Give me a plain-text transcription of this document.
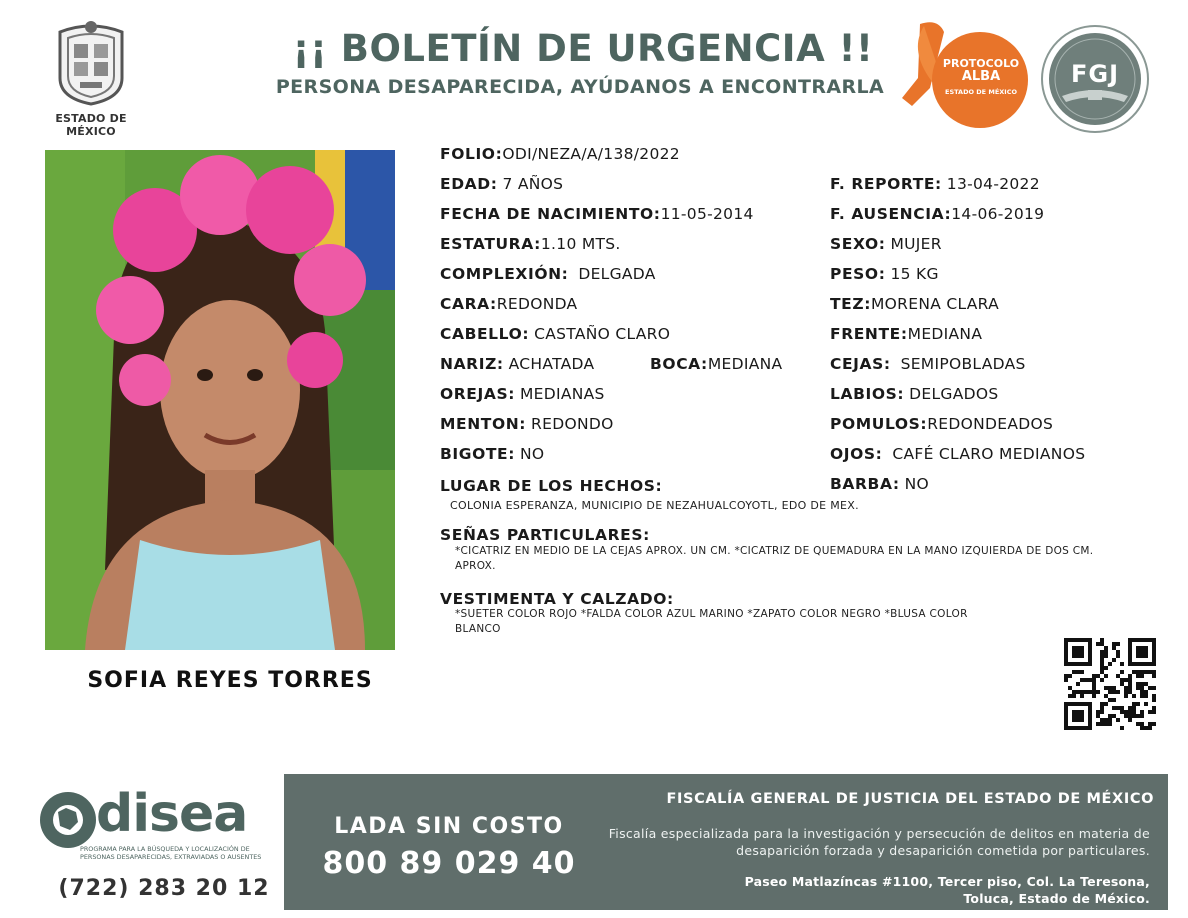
ESTADO DE MÉXICO
¡¡ BOLETÍN DE URGENCIA !!
PERSONA DESAPARECIDA, AYÚDANOS A ENCONTRARLA
PROTOCOLO
ALBA
ESTADO DE MÉXICO
FGJ
SOFIA REYES TORRES
FOLIO:ODI/NEZA/A/138/2022
EDAD: 7 AÑOS	F. REPORTE: 13-04-2022
FECHA DE NACIMIENTO:11-05-2014	F. AUSENCIA:14-06-2019
ESTATURA:1.10 MTS.	SEXO: MUJER
COMPLEXIÓN: DELGADA	PESO: 15 KG
CARA:REDONDA	TEZ:MORENA CLARA
CABELLO: CASTAÑO CLARO	FRENTE:MEDIANA
NARIZ: ACHATADA	BOCA:MEDIANA	CEJAS: SEMIPOBLADAS
OREJAS: MEDIANAS	LABIOS: DELGADOS
MENTON: REDONDO	POMULOS:REDONDEADOS
BIGOTE: NO	OJOS: CAFÉ CLARO MEDIANOS
LUGAR DE LOS HECHOS:	BARBA: NO
COLONIA ESPERANZA, MUNICIPIO DE NEZAHUALCOYOTL, EDO DE MEX.
SEÑAS PARTICULARES:
*CICATRIZ EN MEDIO DE LA CEJAS APROX. UN CM. *CICATRIZ DE QUEMADURA EN LA MANO IZQUIERDA DE DOS CM. APROX.
VESTIMENTA Y CALZADO:
*SUETER COLOR ROJO *FALDA COLOR AZUL MARINO *ZAPATO COLOR NEGRO *BLUSA COLOR BLANCO
disea
PROGRAMA PARA LA BÚSQUEDA Y LOCALIZACIÓN DE PERSONAS DESAPARECIDAS, EXTRAVIADAS O AUSENTES
(722) 283 20 12
LADA SIN COSTO
800 89 029 40
FISCALÍA GENERAL DE JUSTICIA DEL ESTADO DE MÉXICO
Fiscalía especializada para la investigación y persecución de delitos en materia de desaparición forzada y desaparición cometida por particulares.
Paseo Matlazíncas #1100, Tercer piso, Col. La Teresona,
Toluca, Estado de México.
